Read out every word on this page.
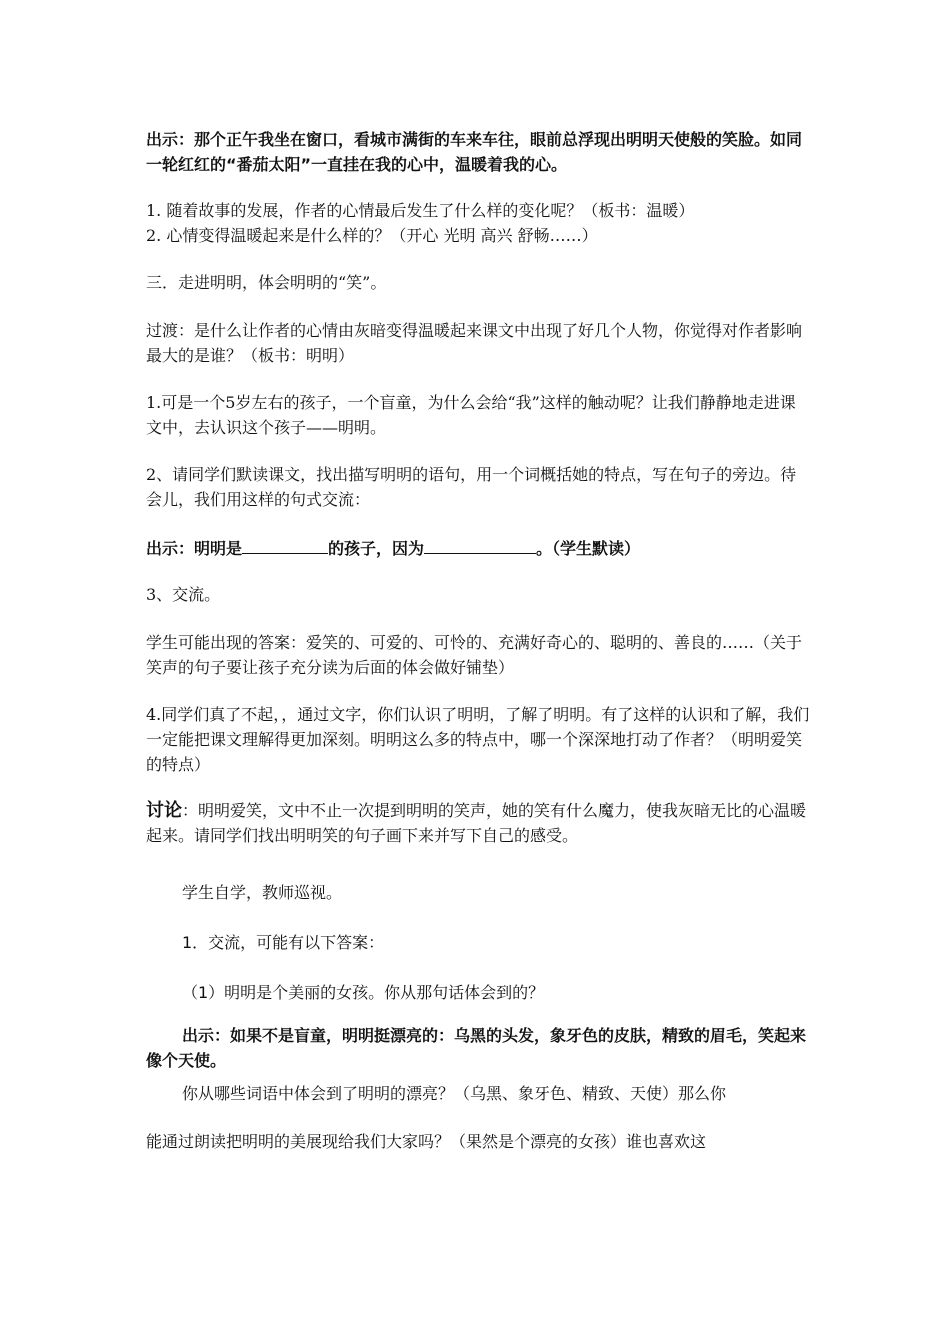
出示：那个正午我坐在窗口，看城市满街的车来车往，眼前总浮现出明明天使般的笑脸。如同一轮红红的“番茄太阳”一直挂在我的心中，温暖着我的心。

1. 随着故事的发展，作者的心情最后发生了什么样的变化呢？（板书：温暖）

2. 心情变得温暖起来是什么样的？（开心 光明 高兴 舒畅……）

三．走进明明，体会明明的“笑”。

过渡：是什么让作者的心情由灰暗变得温暖起来课文中出现了好几个人物，你觉得对作者影响最大的是谁？（板书：明明）

1.可是一个5岁左右的孩子，一个盲童，为什么会给“我”这样的触动呢？让我们静静地走进课文中，去认识这个孩子——明明。

2、请同学们默读课文，找出描写明明的语句，用一个词概括她的特点，写在句子的旁边。待会儿，我们用这样的句式交流：

出示：明明是	的孩子，因为	。（学生默读）

3、交流。

学生可能出现的答案：爱笑的、可爱的、可怜的、充满好奇心的、聪明的、善良的……（关于笑声的句子要让孩子充分读为后面的体会做好铺垫）

4.同学们真了不起，，通过文字，你们认识了明明，了解了明明。有了这样的认识和了解，我们一定能把课文理解得更加深刻。明明这么多的特点中，哪一个深深地打动了作者？（明明爱笑的特点）

讨论：明明爱笑，文中不止一次提到明明的笑声，她的笑有什么魔力，使我灰暗无比的心温暖起来。请同学们找出明明笑的句子画下来并写下自己的感受。

学生自学，教师巡视。

1．交流，可能有以下答案：

（1）明明是个美丽的女孩。你从那句话体会到的？

出示：如果不是盲童，明明挺漂亮的：乌黑的头发，象牙色的皮肤，精致的眉毛，笑起来像个天使。

你从哪些词语中体会到了明明的漂亮？（乌黑、象牙色、精致、天使）那么你

能通过朗读把明明的美展现给我们大家吗？（果然是个漂亮的女孩）谁也喜欢这
